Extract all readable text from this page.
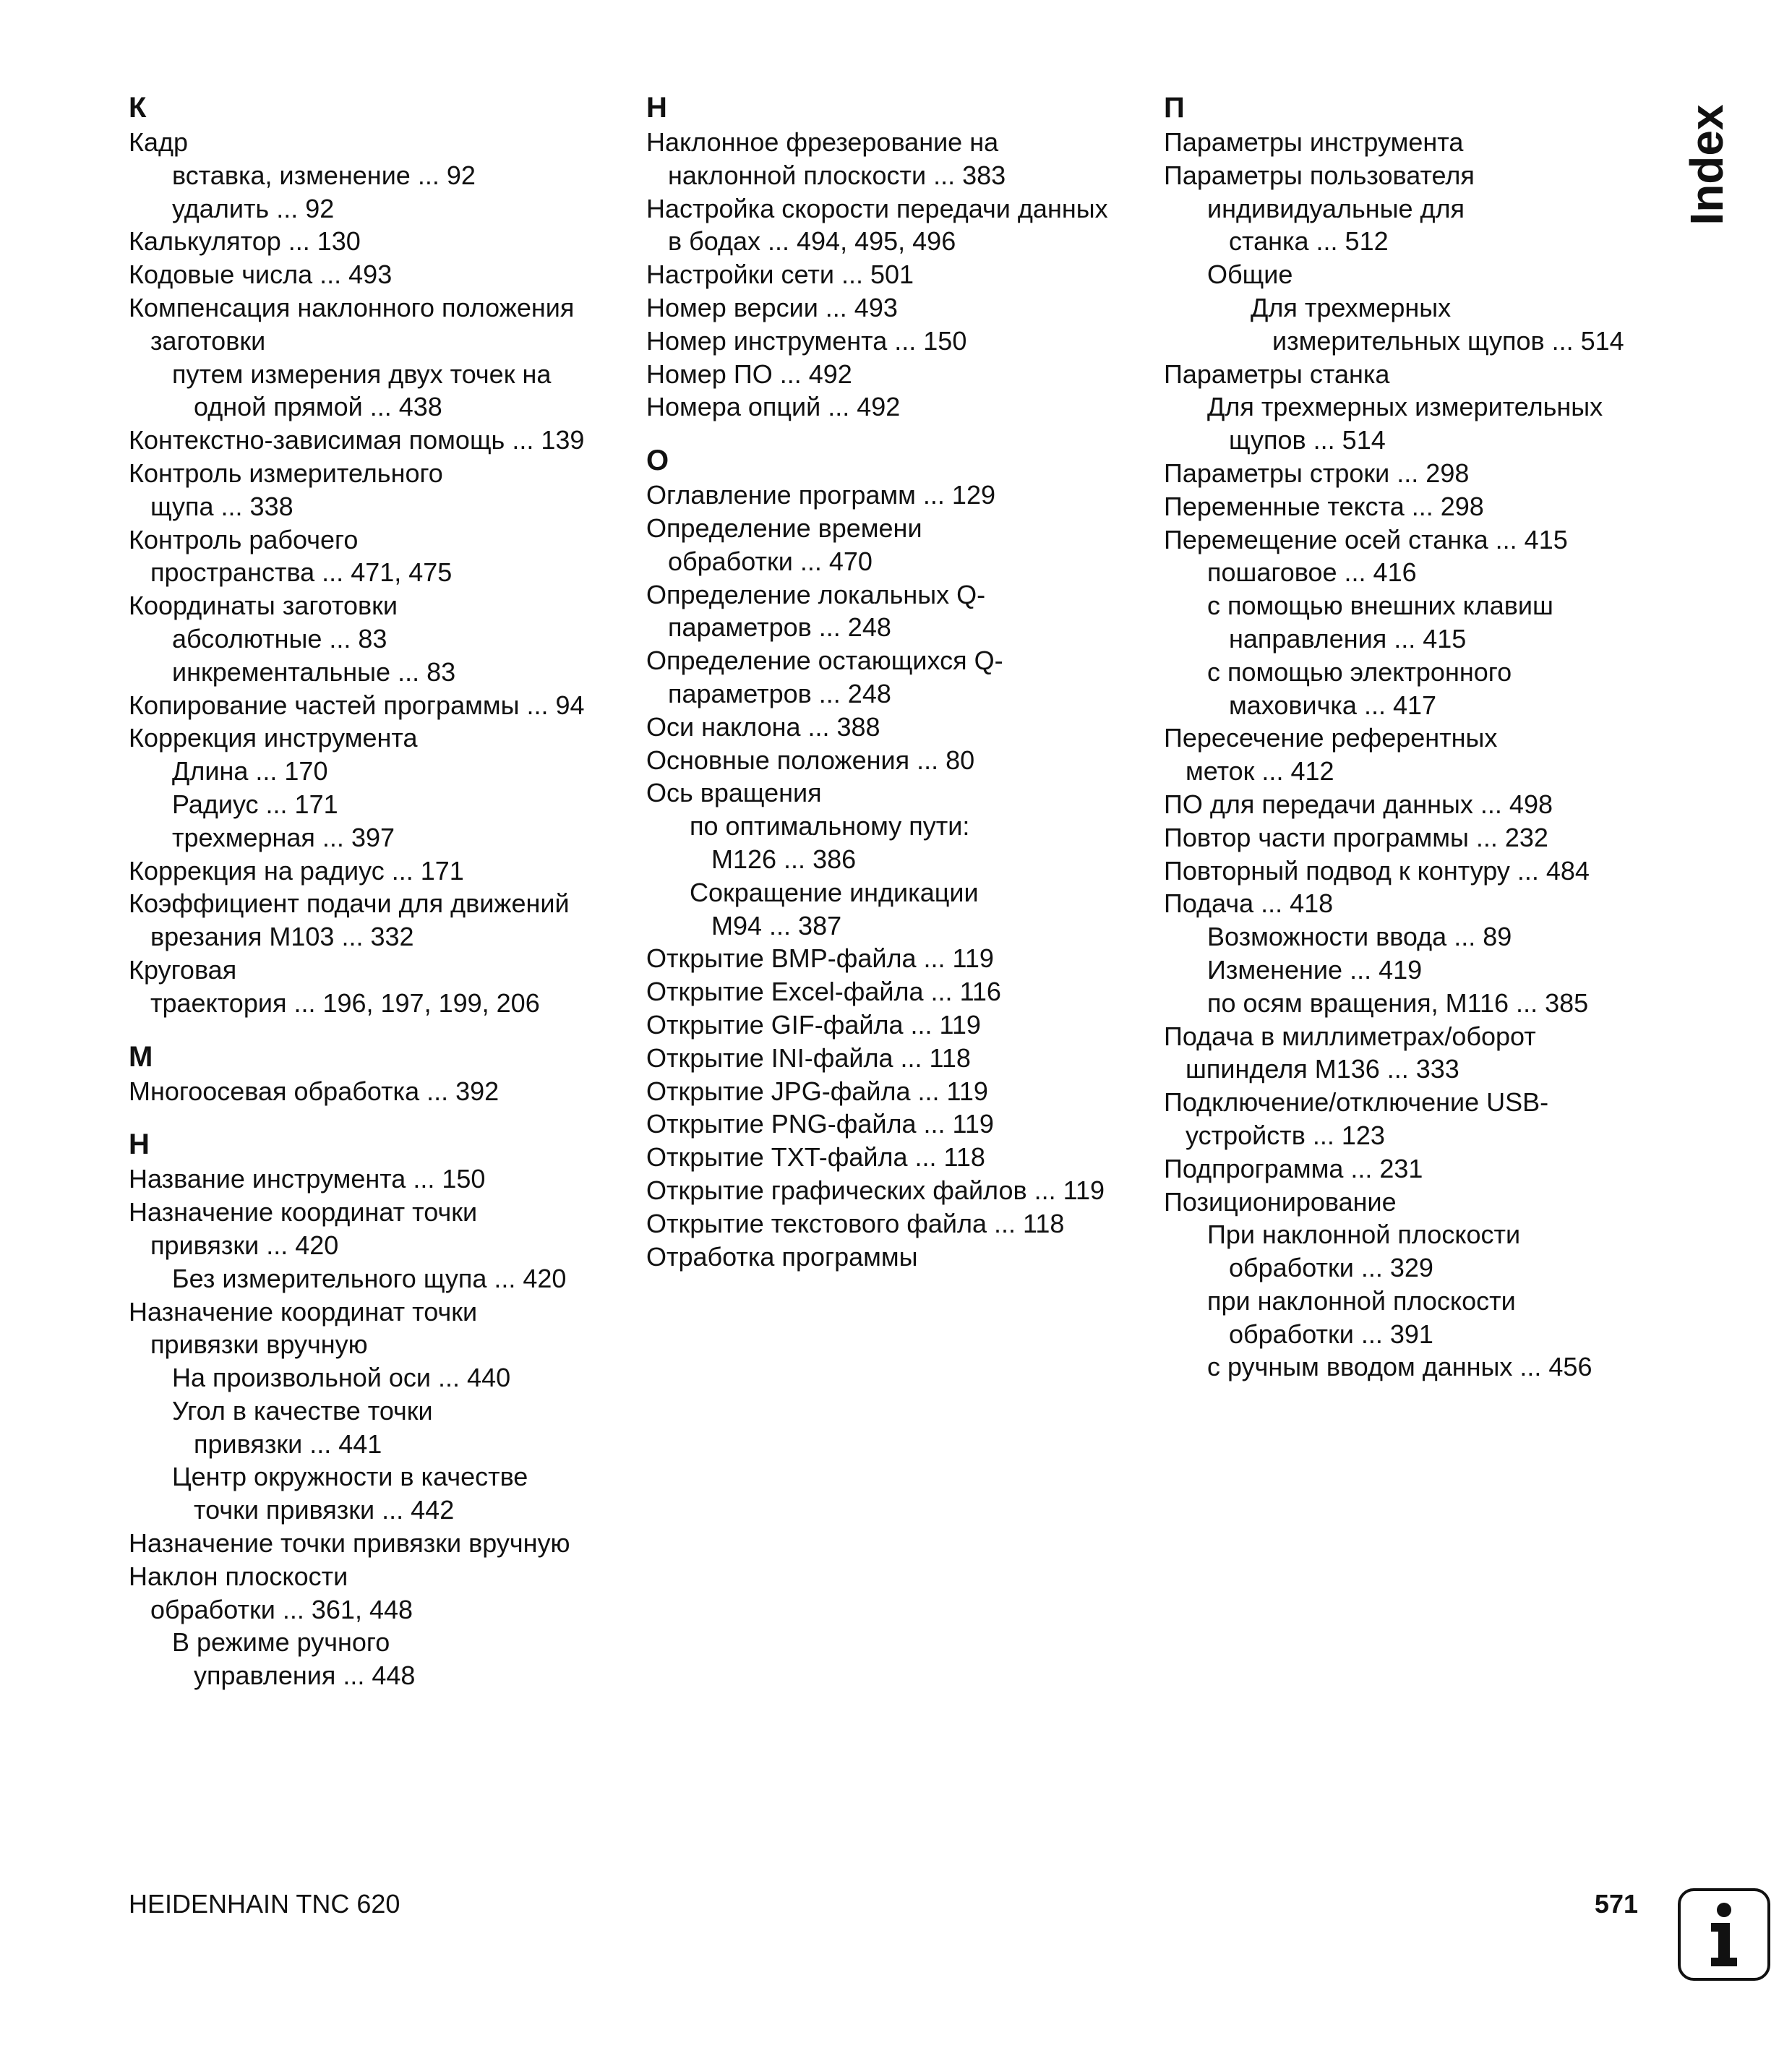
К
Кадр
вставка, изменение ... 92
удалить ... 92
Калькулятор ... 130
Кодовые числа ... 493
Компенсация наклонного положения
заготовки
путем измерения двух точек на
одной прямой ... 438
Контекстно-зависимая помощь ... 139
Контроль измерительного
щупа ... 338
Контроль рабочего
пространства ... 471, 475
Координаты заготовки
абсолютные ... 83
инкрементальные ... 83
Копирование частей программы ... 94
Коррекция инструмента
Длина ... 170
Радиус ... 171
трехмерная ... 397
Коррекция на радиус ... 171
Коэффициент подачи для движений
врезания M103 ... 332
Круговая
траектория ... 196, 197, 199, 206
М
Многоосевая обработка ... 392
Н
Название инструмента ... 150
Назначение координат точки
привязки ... 420
Без измерительного щупа ... 420
Назначение координат точки
привязки вручную
На произвольной оси ... 440
Угол в качестве точки
привязки ... 441
Центр окружности в качестве
точки привязки ... 442
Назначение точки привязки вручную
Наклон плоскости
обработки ... 361, 448
В режиме ручного
управления ... 448
Н
Наклонное фрезерование на
наклонной плоскости ... 383
Настройка скорости передачи данных
в бодах ... 494, 495, 496
Настройки сети ... 501
Номер версии ... 493
Номер инструмента ... 150
Номер ПО ... 492
Номера опций ... 492
О
Оглавление программ ... 129
Определение времени
обработки ... 470
Определение локальных Q-
параметров ... 248
Определение остающихся Q-
параметров ... 248
Оси наклона ... 388
Основные положения ... 80
Ось вращения
по оптимальному пути:
M126 ... 386
Сокращение индикации
M94 ... 387
Открытие BMP-файла ... 119
Открытие Excel-файла ... 116
Открытие GIF-файла ... 119
Открытие INI-файла ... 118
Открытие JPG-файла ... 119
Открытие PNG-файла ... 119
Открытие TXT-файла ... 118
Открытие графических файлов ... 119
Открытие текстового файла ... 118
Отработка программы
П
Параметры инструмента
Параметры пользователя
индивидуальные для
станка ... 512
Общие
Для трехмерных
измерительных щупов ... 514
Параметры станка
Для трехмерных измерительных
щупов ... 514
Параметры строки ... 298
Переменные текста ... 298
Перемещение осей станка ... 415
пошаговое ... 416
с помощью внешних клавиш
направления ... 415
с помощью электронного
маховичка ... 417
Пересечение референтных
меток ... 412
ПО для передачи данных ... 498
Повтор части программы ... 232
Повторный подвод к контуру ... 484
Подача ... 418
Возможности ввода ... 89
Изменение ... 419
по осям вращения, M116 ... 385
Подача в миллиметрах/оборот
шпинделя M136 ... 333
Подключение/отключение USB-
устройств ... 123
Подпрограмма ... 231
Позиционирование
При наклонной плоскости
обработки ... 329
при наклонной плоскости
обработки ... 391
с ручным вводом данных ... 456
Index
HEIDENHAIN TNC 620	571
